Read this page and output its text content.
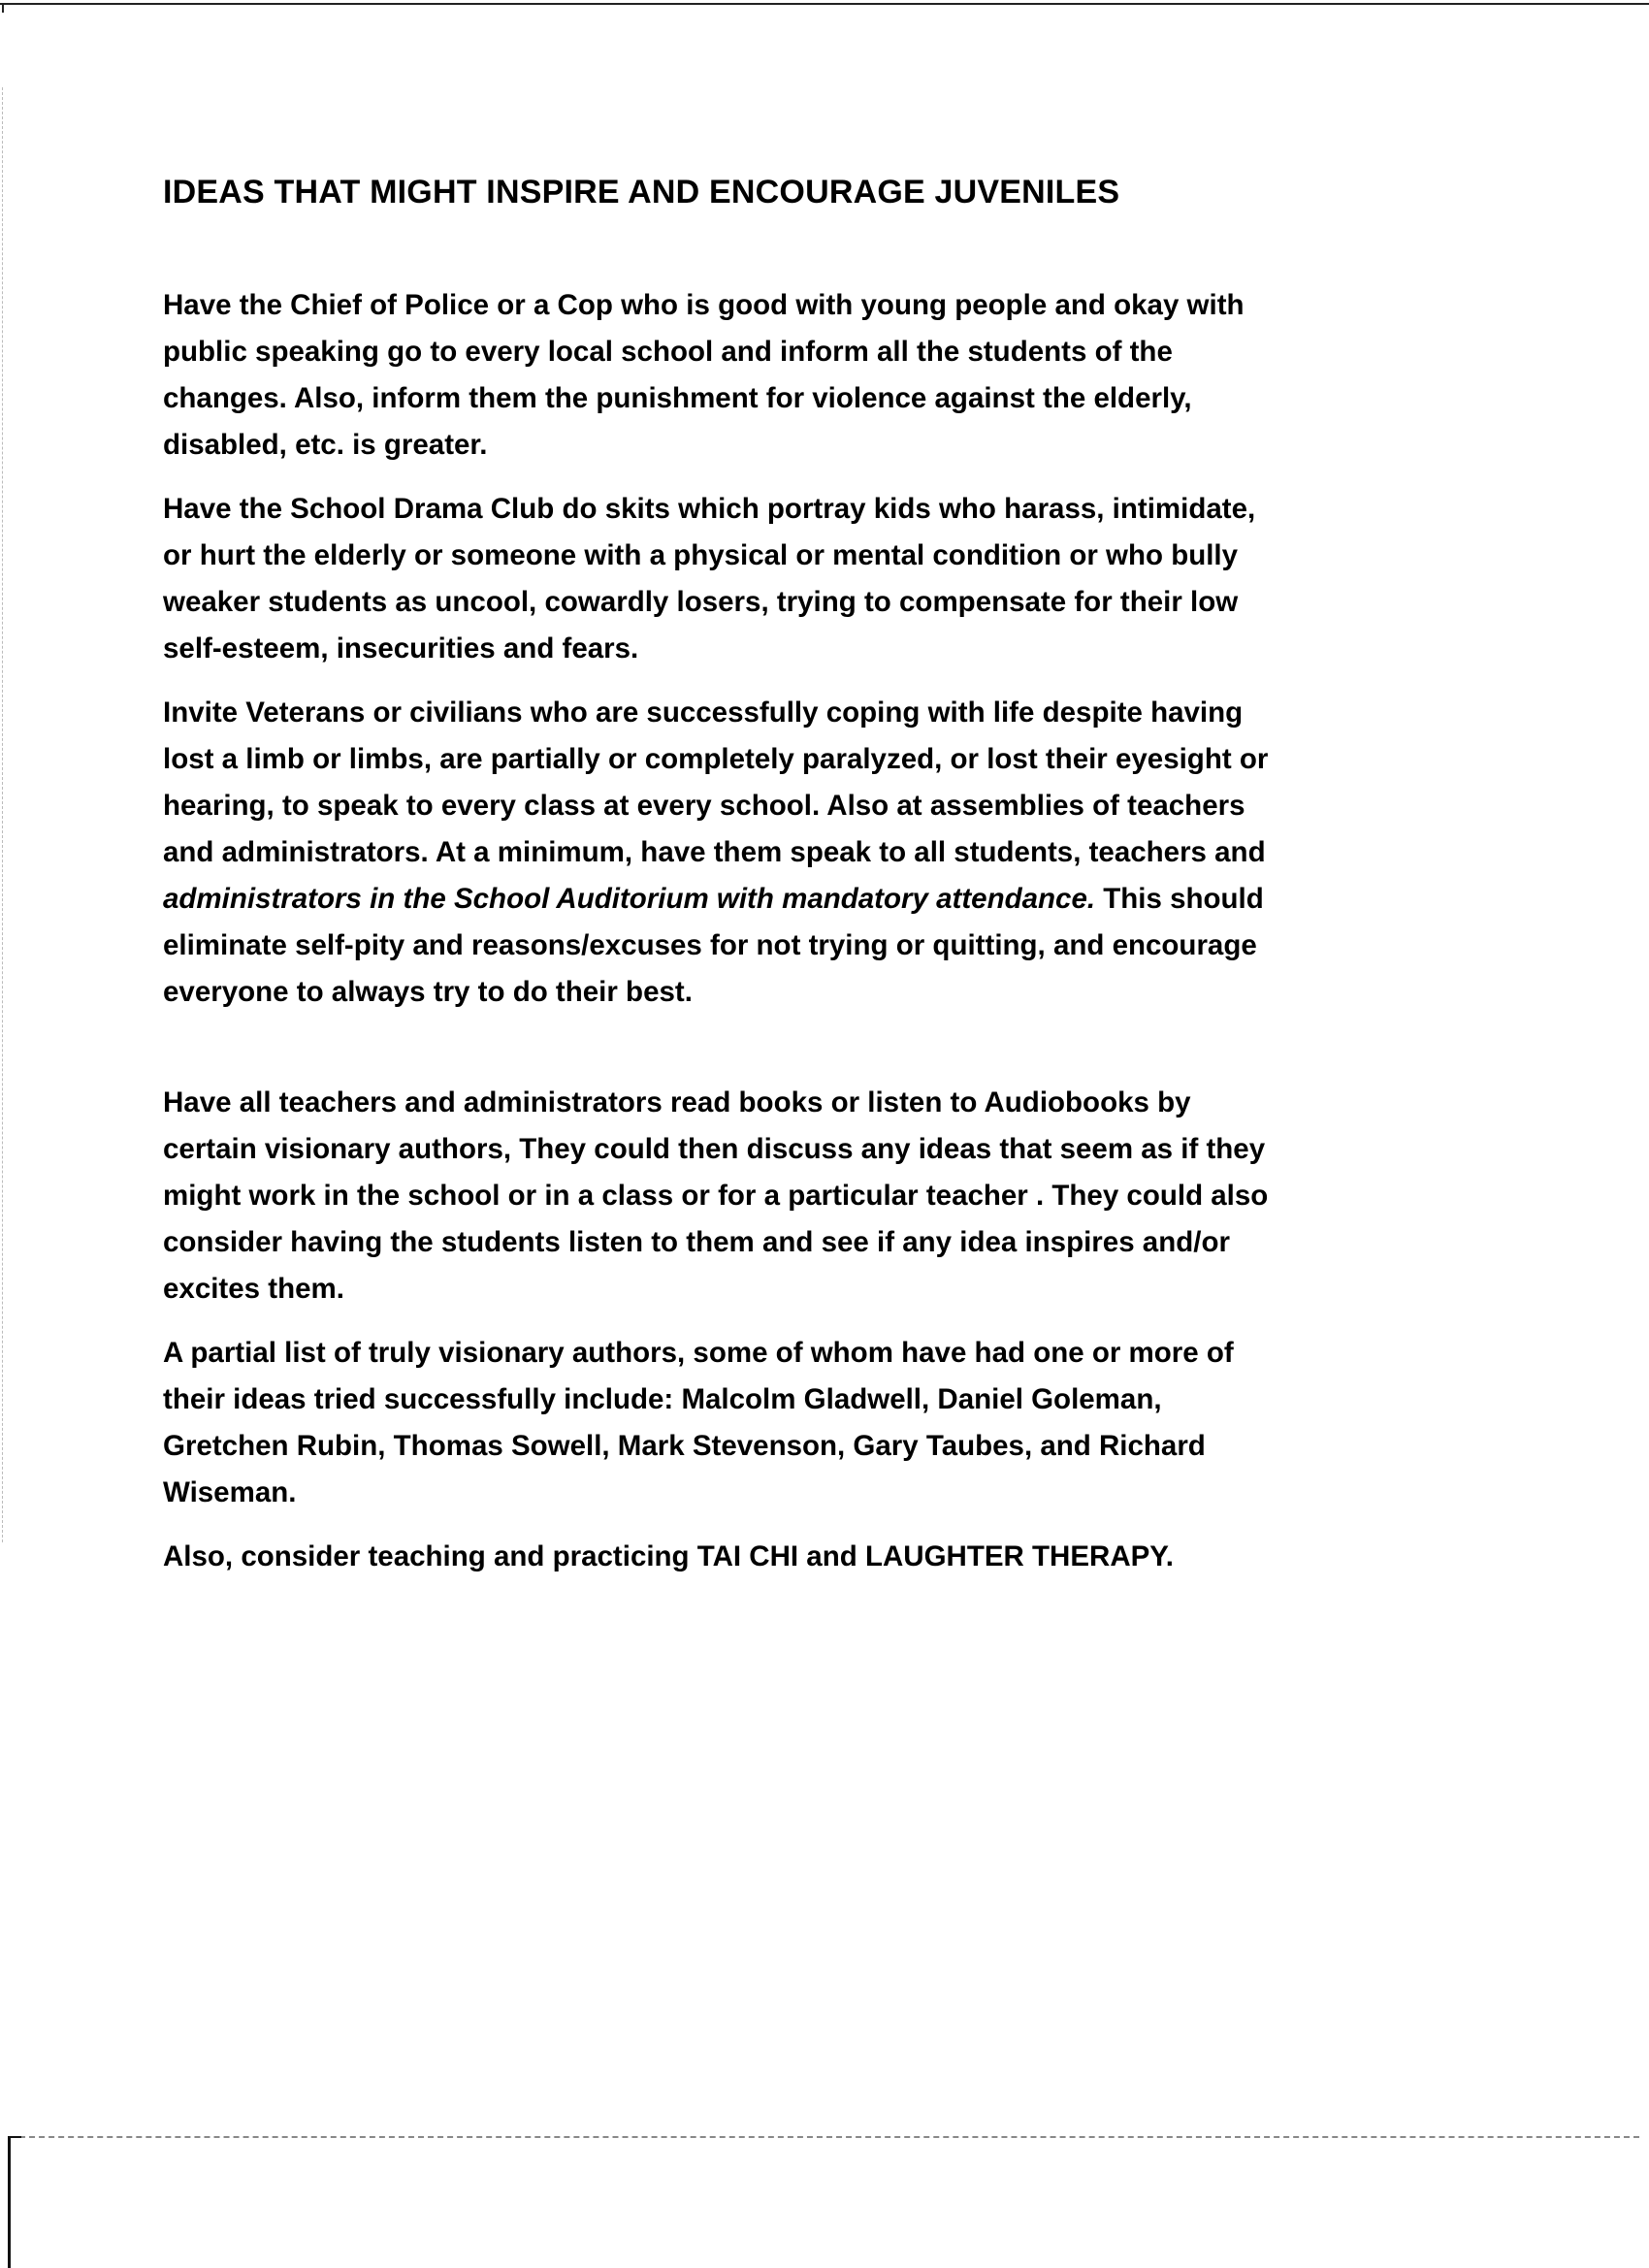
IDEAS THAT MIGHT INSPIRE AND ENCOURAGE JUVENILES

Have the Chief of Police or a Cop who is good with young people and okay with
public speaking go to every local school and inform all the students of the
changes. Also, inform them the punishment for violence against the elderly,
disabled, etc. is greater.

Have the School Drama Club do skits which portray kids who harass, intimidate,
or hurt the elderly or someone with a physical or mental condition or who bully
weaker students as uncool, cowardly losers, trying to compensate for their low
self-esteem, insecurities and fears.

Invite Veterans or civilians who are successfully coping with life despite having
lost a limb or limbs, are partially or completely paralyzed, or lost their eyesight or
hearing, to speak to every class at every school. Also at assemblies of teachers
and administrators. At a minimum, have them speak to all students, teachers and
administrators in the School Auditorium with mandatory attendance. This should
eliminate self-pity and reasons/excuses for not trying or quitting, and encourage
everyone to always try to do their best.

Have all teachers and administrators read books or listen to Audiobooks by
certain visionary authors, They could then discuss any ideas that seem as if they
might work in the school or in a class or for a particular teacher . They could also
consider having the students listen to them and see if any idea inspires and/or
excites them.

A partial list of truly visionary authors, some of whom have had one or more of
their ideas tried successfully include: Malcolm Gladwell, Daniel Goleman,
Gretchen Rubin, Thomas Sowell, Mark Stevenson, Gary Taubes, and Richard
Wiseman.

Also, consider teaching and practicing TAI CHI and LAUGHTER THERAPY.
